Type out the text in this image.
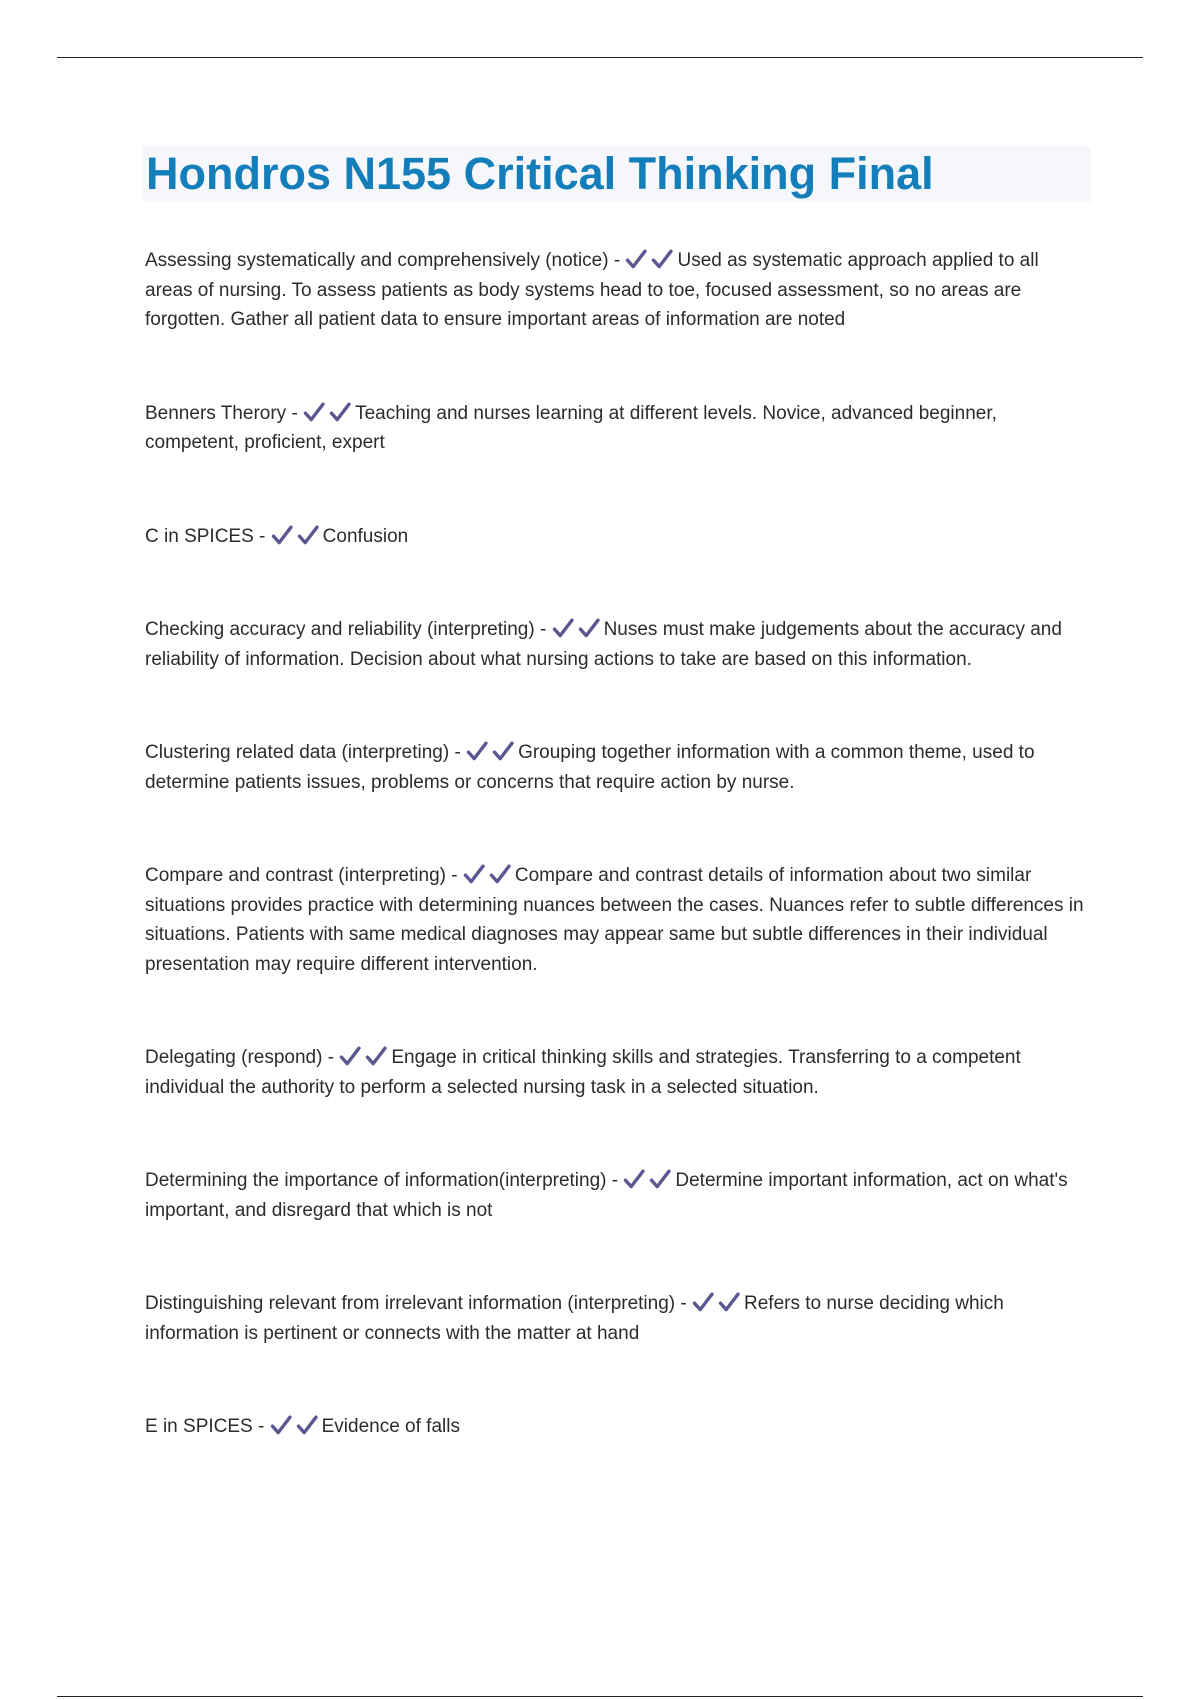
Hondros N155 Critical Thinking Final

Assessing systematically and comprehensively (notice) -	Used as systematic approach applied to all areas of nursing. To assess patients as body systems head to toe, focused assessment, so no areas are forgotten. Gather all patient data to ensure important areas of information are noted

Benners Therory -	Teaching and nurses learning at different levels. Novice, advanced beginner, competent, proficient, expert

C in SPICES -	Confusion

Checking accuracy and reliability (interpreting) -	Nuses must make judgements about the accuracy and reliability of information. Decision about what nursing actions to take are based on this information.

Clustering related data (interpreting) -	Grouping together information with a common theme, used to determine patients issues, problems or concerns that require action by nurse.

Compare and contrast (interpreting) -	Compare and contrast details of information about two similar situations provides practice with determining nuances between the cases. Nuances refer to subtle differences in situations. Patients with same medical diagnoses may appear same but subtle differences in their individual presentation may require different intervention.

Delegating (respond) -	Engage in critical thinking skills and strategies. Transferring to a competent individual the authority to perform a selected nursing task in a selected situation.

Determining the importance of information(interpreting) -	Determine important information, act on what's important, and disregard that which is not

Distinguishing relevant from irrelevant information (interpreting) -	Refers to nurse deciding which information is pertinent or connects with the matter at hand

E in SPICES -	Evidence of falls
